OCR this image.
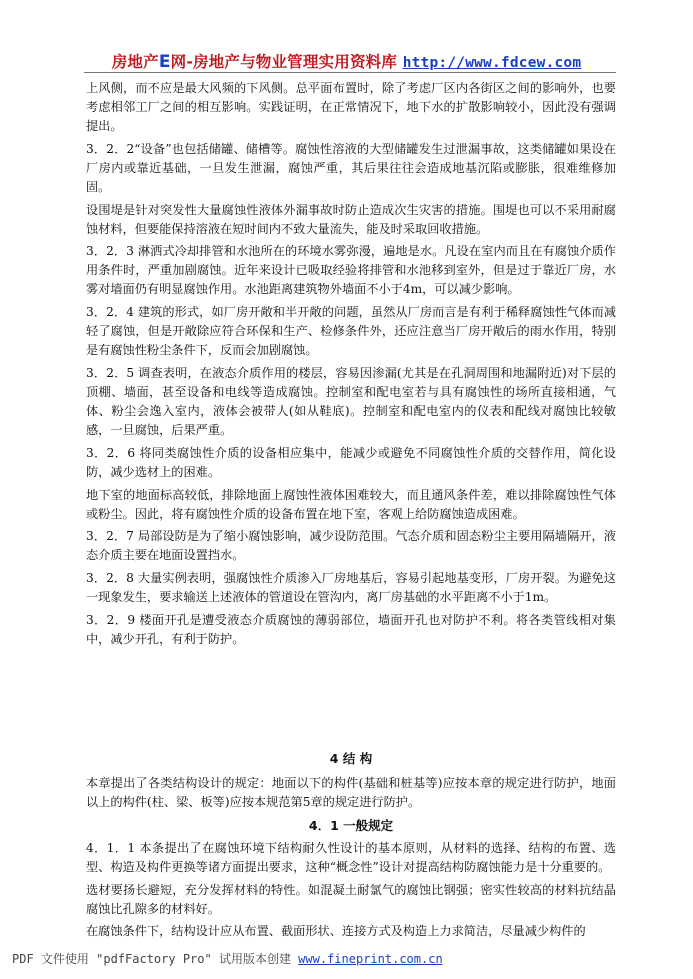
房地产E网-房地产与物业管理实用资料库 http://www.fdcew.com

上风侧，而不应是最大风频的下风侧。总平面布置时，除了考虑厂区内各街区之间的影响外，也要考虑相邻工厂之间的相互影响。实践证明，在正常情况下，地下水的扩散影响较小，因此没有强调提出。

3．2．2“设备”也包括储罐、储槽等。腐蚀性溶液的大型储罐发生过泄漏事故，这类储罐如果设在厂房内或靠近基础，一旦发生泄漏，腐蚀严重，其后果往往会造成地基沉陷或膨胀，很难维修加固。

设围堤是针对突发性大量腐蚀性液体外漏事故时防止造成次生灾害的措施。围堤也可以不采用耐腐蚀材料，但要能保持溶液在短时间内不致大量流失，能及时采取回收措施。

3．2．3 淋洒式冷却排管和水池所在的环境水雾弥漫，遍地是水。凡设在室内而且在有腐蚀介质作用条件时，严重加剧腐蚀。近年来设计已吸取经验将排管和水池移到室外，但是过于靠近厂房，水雾对墙面仍有明显腐蚀作用。水池距离建筑物外墙面不小于4m，可以减少影响。

3．2．4 建筑的形式，如厂房开敞和半开敞的问题，虽然从厂房而言是有利于稀释腐蚀性气体而减轻了腐蚀，但是开敞除应符合环保和生产、检修条件外，还应注意当厂房开敞后的雨水作用，特别是有腐蚀性粉尘条件下，反而会加剧腐蚀。

3．2．5 调查表明，在液态介质作用的楼层，容易因渗漏(尤其是在孔洞周围和地漏附近)对下层的顶棚、墙面，甚至设备和电线等造成腐蚀。控制室和配电室若与具有腐蚀性的场所直接相通，气体、粉尘会逸入室内，液体会被带人(如从鞋底)。控制室和配电室内的仪表和配线对腐蚀比较敏感，一旦腐蚀，后果严重。

3．2．6 将同类腐蚀性介质的设备相应集中，能减少或避免不同腐蚀性介质的交替作用，简化设防，减少选材上的困难。

地下室的地面标高较低，排除地面上腐蚀性液体困难较大，而且通风条件差，难以排除腐蚀性气体或粉尘。因此，将有腐蚀性介质的设备布置在地下室，客观上给防腐蚀造成困难。

3．2．7 局部设防是为了缩小腐蚀影响，减少设防范围。气态介质和固态粉尘主要用隔墙隔开，液态介质主要在地面设置挡水。

3．2．8 大量实例表明，强腐蚀性介质渗入厂房地基后，容易引起地基变形，厂房开裂。为避免这一现象发生，要求输送上述液体的管道设在管沟内，离厂房基础的水平距离不小于1m。

3．2．9 楼面开孔是遭受液态介质腐蚀的薄弱部位，墙面开孔也对防护不利。将各类管线相对集中，减少开孔，有利于防护。

4 结 构

本章提出了各类结构设计的规定：地面以下的构件(基础和桩基等)应按本章的规定进行防护，地面以上的构件(柱、梁、板等)应按本规范第5章的规定进行防护。

4．1 一般规定

4．1．1 本条提出了在腐蚀环境下结构耐久性设计的基本原则，从材料的选择、结构的布置、选型、构造及构件更换等诸方面提出要求，这种“概念性”设计对提高结构防腐蚀能力是十分重要的。

选材要扬长避短，充分发挥材料的特性。如混凝土耐氯气的腐蚀比钢强；密实性较高的材料抗结晶腐蚀比孔隙多的材料好。

在腐蚀条件下，结构设计应从布置、截面形状、连接方式及构造上力求简洁，尽量减少构件的

PDF 文件使用 "pdfFactory Pro" 试用版本创建 www.fineprint.com.cn
